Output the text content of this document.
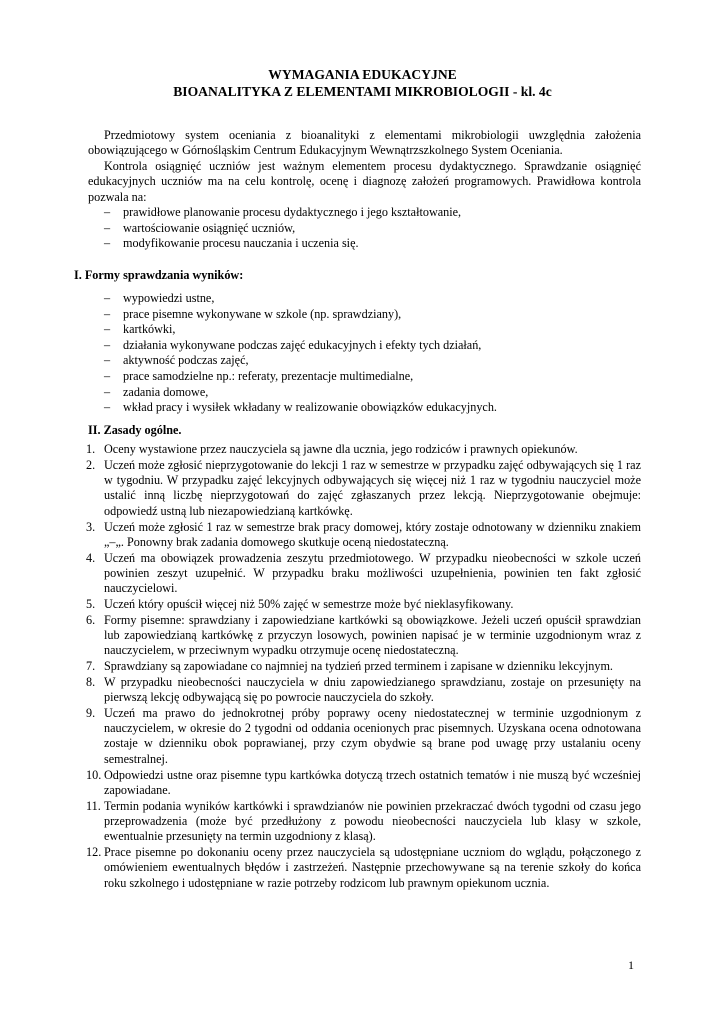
WYMAGANIA EDUKACYJNE
BIOANALITYKA Z ELEMENTAMI MIKROBIOLOGII - kl. 4c
Przedmiotowy system oceniania z bioanalityki z elementami mikrobiologii uwzględnia założenia obowiązującego w Górnośląskim Centrum Edukacyjnym Wewnątrzszkolnego System Oceniania.
Kontrola osiągnięć uczniów jest ważnym elementem procesu dydaktycznego. Sprawdzanie osiągnięć edukacyjnych uczniów ma na celu kontrolę, ocenę i diagnozę założeń programowych. Prawidłowa kontrola pozwala na:
– prawidłowe planowanie procesu dydaktycznego i jego kształtowanie,
– wartościowanie osiągnięć uczniów,
– modyfikowanie procesu nauczania i uczenia się.
I. Formy sprawdzania wyników:
– wypowiedzi ustne,
– prace pisemne wykonywane w szkole (np. sprawdziany),
– kartkówki,
– działania wykonywane podczas zajęć edukacyjnych i efekty tych działań,
– aktywność podczas zajęć,
– prace samodzielne np.: referaty, prezentacje multimedialne,
– zadania domowe,
– wkład pracy i wysiłek wkładany w realizowanie obowiązków edukacyjnych.
II. Zasady ogólne.
1. Oceny wystawione przez nauczyciela są jawne dla ucznia, jego rodziców i prawnych opiekunów.
2. Uczeń może zgłosić nieprzygotowanie do lekcji 1 raz w semestrze w przypadku zajęć odbywających się 1 raz w tygodniu. W przypadku zajęć lekcyjnych odbywających się więcej niż 1 raz w tygodniu nauczyciel może ustalić inną liczbę nieprzygotowań do zajęć zgłaszanych przez lekcją. Nieprzygotowanie obejmuje: odpowiedź ustną lub niezapowiedzianą kartkówkę.
3. Uczeń może zgłosić 1 raz w semestrze brak pracy domowej, który zostaje odnotowany w dzienniku znakiem „–„. Ponowny brak zadania domowego skutkuje oceną niedostateczną.
4. Uczeń ma obowiązek prowadzenia zeszytu przedmiotowego. W przypadku nieobecności w szkole uczeń powinien zeszyt uzupełnić. W przypadku braku możliwości uzupełnienia, powinien ten fakt zgłosić nauczycielowi.
5. Uczeń który opuścił więcej niż 50% zajęć w semestrze może być nieklasyfikowany.
6. Formy pisemne: sprawdziany i zapowiedziane kartkówki są obowiązkowe. Jeżeli uczeń opuścił sprawdzian lub zapowiedzianą kartkówkę z przyczyn losowych, powinien napisać je w terminie uzgodnionym wraz z nauczycielem, w przeciwnym wypadku otrzymuje ocenę niedostateczną.
7. Sprawdziany są zapowiadane co najmniej na tydzień przed terminem i zapisane w dzienniku lekcyjnym.
8. W przypadku nieobecności nauczyciela w dniu zapowiedzianego sprawdzianu, zostaje on przesunięty na pierwszą lekcję odbywającą się po powrocie nauczyciela do szkoły.
9. Uczeń ma prawo do jednokrotnej próby poprawy oceny niedostatecznej w terminie uzgodnionym z nauczycielem, w okresie do 2 tygodni od oddania ocenionych prac pisemnych. Uzyskana ocena odnotowana zostaje w dzienniku obok poprawianej, przy czym obydwie są brane pod uwagę przy ustalaniu oceny semestralnej.
10. Odpowiedzi ustne oraz pisemne typu kartkówka dotyczą trzech ostatnich tematów i nie muszą być wcześniej zapowiadane.
11. Termin podania wyników kartkówki i sprawdzianów nie powinien przekraczać dwóch tygodni od czasu jego przeprowadzenia (może być przedłużony z powodu nieobecności nauczyciela lub klasy w szkole, ewentualnie przesunięty na termin uzgodniony z klasą).
12. Prace pisemne po dokonaniu oceny przez nauczyciela są udostępniane uczniom do wglądu, połączonego z omówieniem ewentualnych błędów i zastrzeżeń. Następnie przechowywane są na terenie szkoły do końca roku szkolnego i udostępniane w razie potrzeby rodzicom lub prawnym opiekunom ucznia.
1
